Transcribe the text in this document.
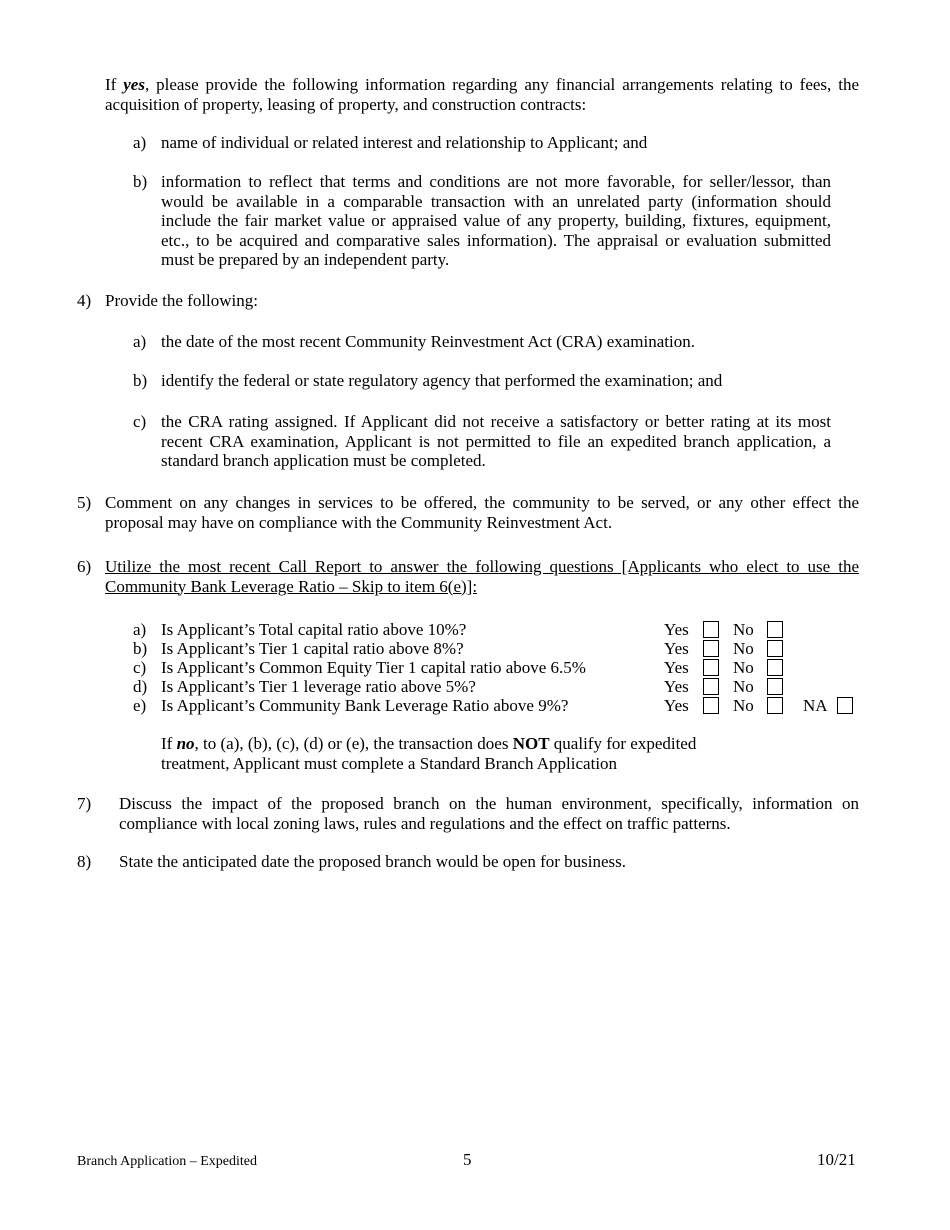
If yes, please provide the following information regarding any financial arrangements relating to fees, the acquisition of property, leasing of property, and construction contracts:
a) name of individual or related interest and relationship to Applicant; and
b) information to reflect that terms and conditions are not more favorable, for seller/lessor, than would be available in a comparable transaction with an unrelated party (information should include the fair market value or appraised value of any property, building, fixtures, equipment, etc., to be acquired and comparative sales information). The appraisal or evaluation submitted must be prepared by an independent party.
4) Provide the following:
a) the date of the most recent Community Reinvestment Act (CRA) examination.
b) identify the federal or state regulatory agency that performed the examination; and
c) the CRA rating assigned. If Applicant did not receive a satisfactory or better rating at its most recent CRA examination, Applicant is not permitted to file an expedited branch application, a standard branch application must be completed.
5) Comment on any changes in services to be offered, the community to be served, or any other effect the proposal may have on compliance with the Community Reinvestment Act.
6) Utilize the most recent Call Report to answer the following questions [Applicants who elect to use the Community Bank Leverage Ratio – Skip to item 6(e)]:
a) Is Applicant’s Total capital ratio above 10%?	Yes	No
b) Is Applicant’s Tier 1 capital ratio above 8%?	Yes	No
c) Is Applicant’s Common Equity Tier 1 capital ratio above 6.5%	Yes	No
d) Is Applicant’s Tier 1 leverage ratio above 5%?	Yes	No
e) Is Applicant’s Community Bank Leverage Ratio above 9%?	Yes	No	NA
If no, to (a), (b), (c), (d) or (e), the transaction does NOT qualify for expedited
treatment, Applicant must complete a Standard Branch Application
7) Discuss the impact of the proposed branch on the human environment, specifically, information on compliance with local zoning laws, rules and regulations and the effect on traffic patterns.
8) State the anticipated date the proposed branch would be open for business.
Branch Application – Expedited	5	10/21
